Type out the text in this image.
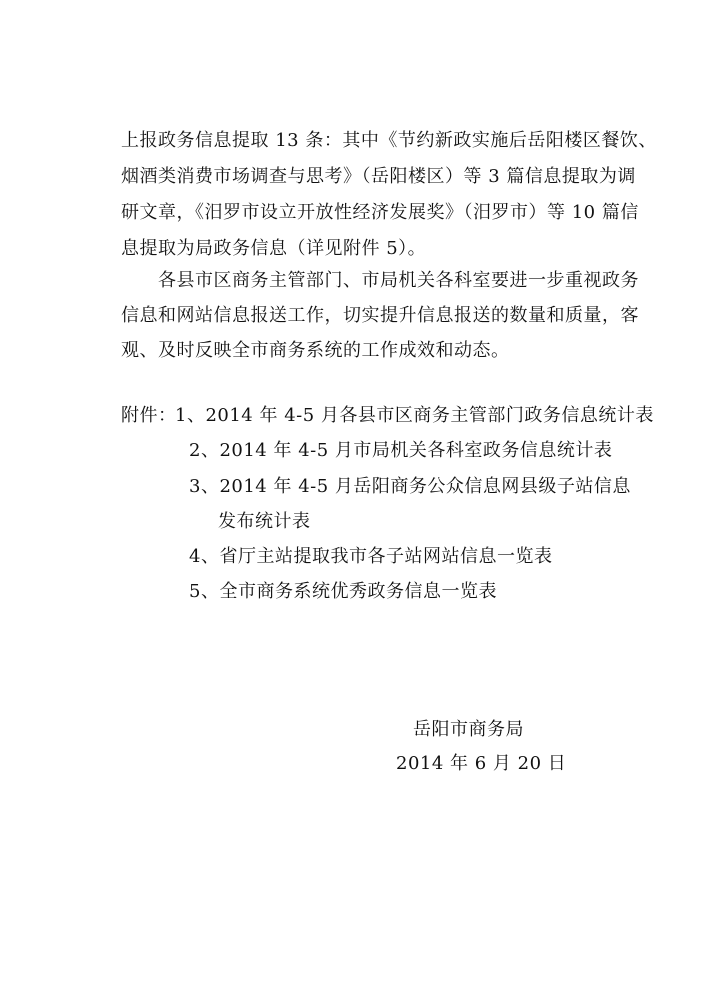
上报政务信息提取 13 条：其中《节约新政实施后岳阳楼区餐饮、
烟酒类消费市场调查与思考》（岳阳楼区）等 3 篇信息提取为调
研文章，《汨罗市设立开放性经济发展奖》（汨罗市）等 10 篇信
息提取为局政务信息（详见附件 5）。
各县市区商务主管部门、市局机关各科室要进一步重视政务
信息和网站信息报送工作，切实提升信息报送的数量和质量，客
观、及时反映全市商务系统的工作成效和动态。
附件：
1、2014 年 4-5 月各县市区商务主管部门政务信息统计表
2、2014 年 4-5 月市局机关各科室政务信息统计表
3、2014 年 4-5 月岳阳商务公众信息网县级子站信息
发布统计表
4、省厅主站提取我市各子站网站信息一览表
5、全市商务系统优秀政务信息一览表
岳阳市商务局
2014 年 6 月 20 日
